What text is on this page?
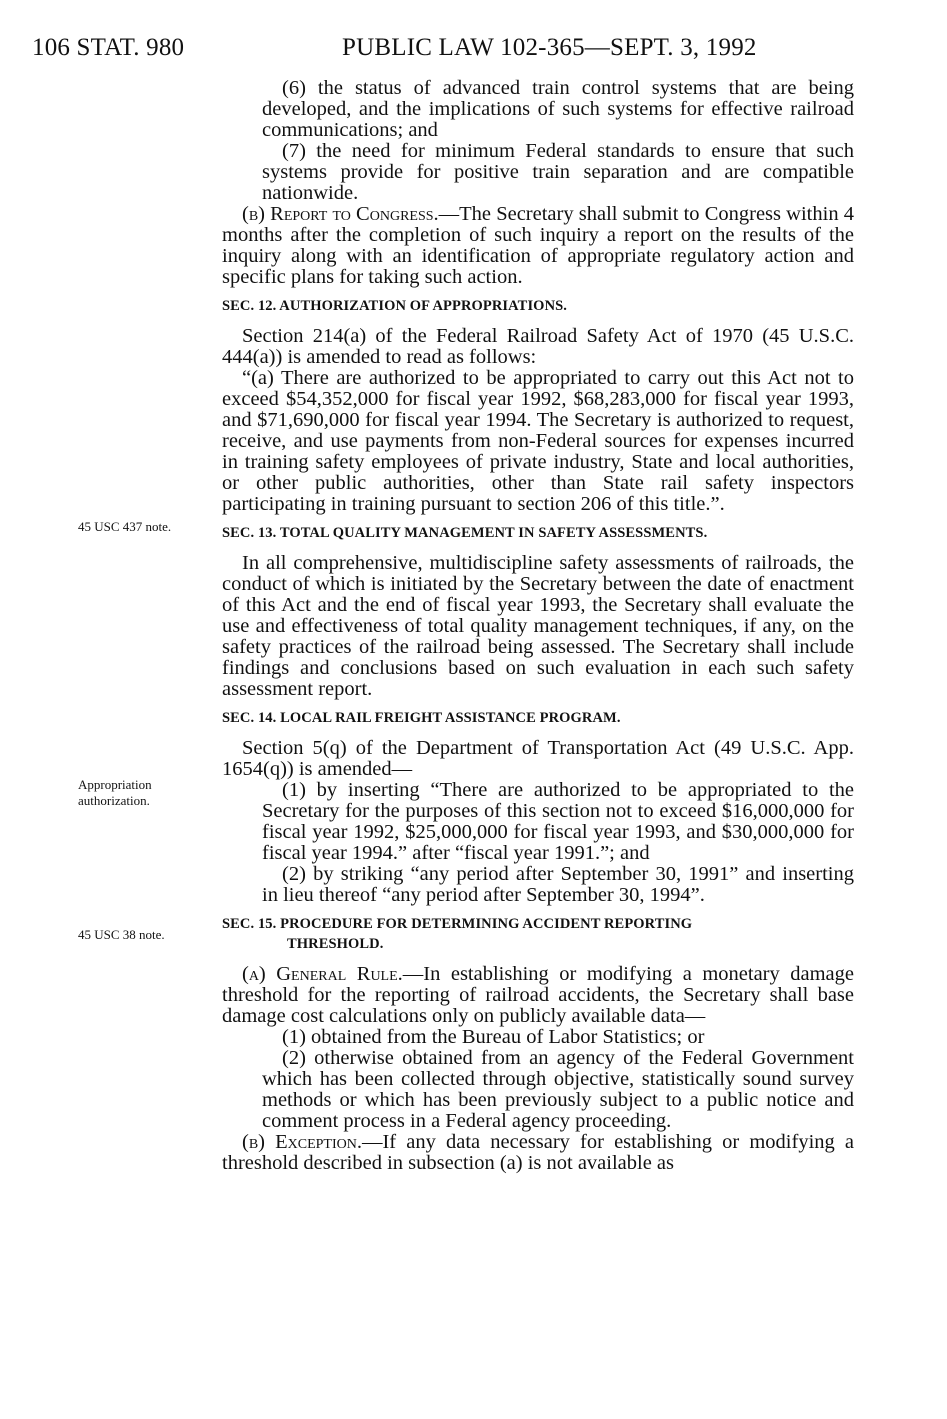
106 STAT. 980	PUBLIC LAW 102-365—SEPT. 3, 1992
45 USC 437 note.
Appropriation
authorization.
45 USC 38 note.

(6) the status of advanced train control systems that are being developed, and the implications of such systems for effective railroad communications; and

(7) the need for minimum Federal standards to ensure that such systems provide for positive train separation and are compatible nationwide.

(b) Report to Congress.—The Secretary shall submit to Congress within 4 months after the completion of such inquiry a report on the results of the inquiry along with an identification of appropriate regulatory action and specific plans for taking such action.

SEC. 12. AUTHORIZATION OF APPROPRIATIONS.

Section 214(a) of the Federal Railroad Safety Act of 1970 (45 U.S.C. 444(a)) is amended to read as follows:

“(a) There are authorized to be appropriated to carry out this Act not to exceed $54,352,000 for fiscal year 1992, $68,283,000 for fiscal year 1993, and $71,690,000 for fiscal year 1994. The Secretary is authorized to request, receive, and use payments from non-Federal sources for expenses incurred in training safety employees of private industry, State and local authorities, or other public authorities, other than State rail safety inspectors participating in training pursuant to section 206 of this title.”.

SEC. 13. TOTAL QUALITY MANAGEMENT IN SAFETY ASSESSMENTS.

In all comprehensive, multidiscipline safety assessments of railroads, the conduct of which is initiated by the Secretary between the date of enactment of this Act and the end of fiscal year 1993, the Secretary shall evaluate the use and effectiveness of total quality management techniques, if any, on the safety practices of the railroad being assessed. The Secretary shall include findings and conclusions based on such evaluation in each such safety assessment report.

SEC. 14. LOCAL RAIL FREIGHT ASSISTANCE PROGRAM.

Section 5(q) of the Department of Transportation Act (49 U.S.C. App. 1654(q)) is amended—

(1) by inserting “There are authorized to be appropriated to the Secretary for the purposes of this section not to exceed $16,000,000 for fiscal year 1992, $25,000,000 for fiscal year 1993, and $30,000,000 for fiscal year 1994.” after “fiscal year 1991.”; and

(2) by striking “any period after September 30, 1991” and inserting in lieu thereof “any period after September 30, 1994”.

SEC. 15. PROCEDURE FOR DETERMINING ACCIDENT REPORTING
THRESHOLD.

(a) General Rule.—In establishing or modifying a monetary damage threshold for the reporting of railroad accidents, the Secretary shall base damage cost calculations only on publicly available data—

(1) obtained from the Bureau of Labor Statistics; or

(2) otherwise obtained from an agency of the Federal Government which has been collected through objective, statistically sound survey methods or which has been previously subject to a public notice and comment process in a Federal agency proceeding.

(b) Exception.—If any data necessary for establishing or modifying a threshold described in subsection (a) is not available as
